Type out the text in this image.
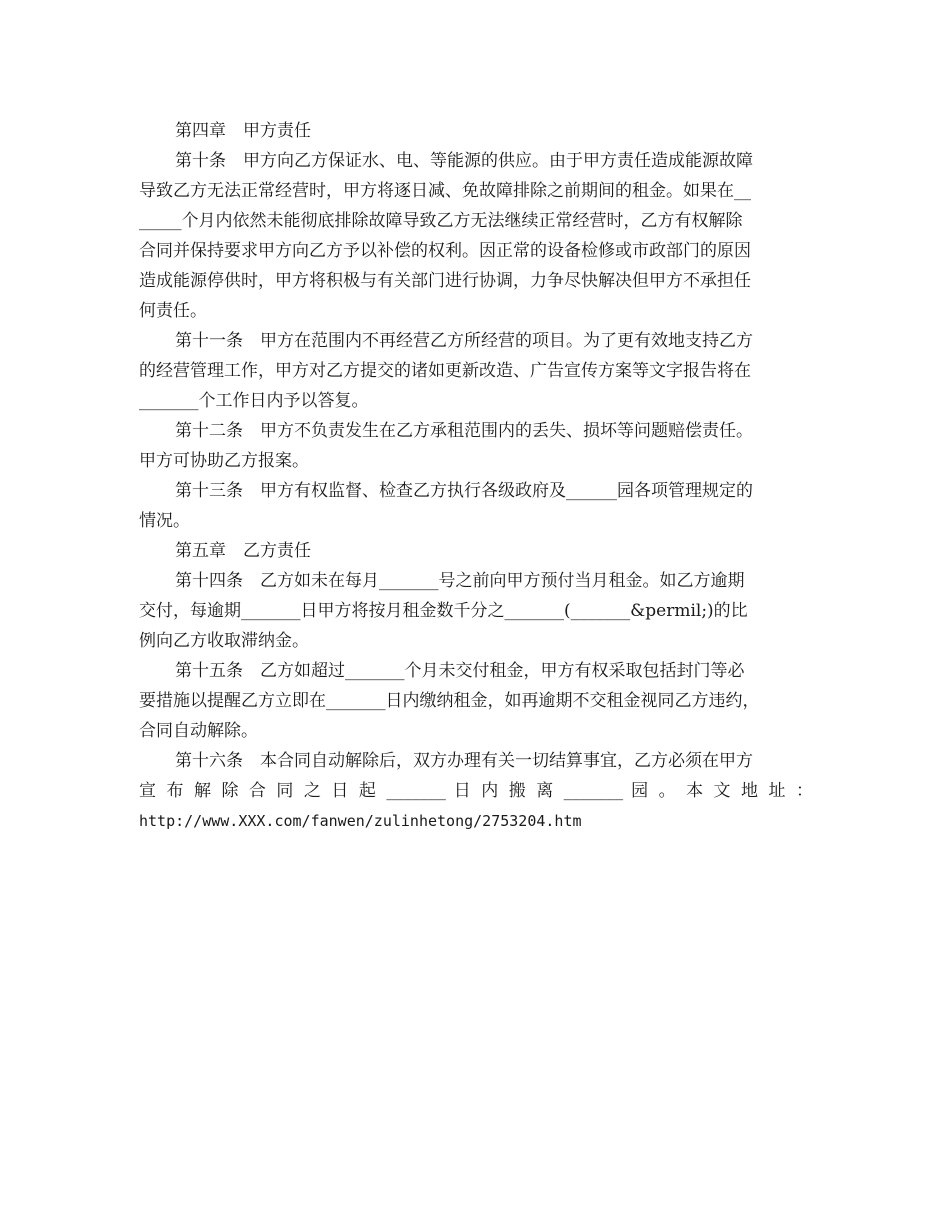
第四章　甲方责任
第十条　甲方向乙方保证水、电、等能源的供应。由于甲方责任造成能源故障
导致乙方无法正常经营时，甲方将逐日减、免故障排除之前期间的租金。如果在__
_____个月内依然未能彻底排除故障导致乙方无法继续正常经营时，乙方有权解除
合同并保持要求甲方向乙方予以补偿的权利。因正常的设备检修或市政部门的原因
造成能源停供时，甲方将积极与有关部门进行协调，力争尽快解决但甲方不承担任
何责任。
第十一条　甲方在范围内不再经营乙方所经营的项目。为了更有效地支持乙方
的经营管理工作，甲方对乙方提交的诸如更新改造、广告宣传方案等文字报告将在
_______个工作日内予以答复。
第十二条　甲方不负责发生在乙方承租范围内的丢失、损坏等问题赔偿责任。
甲方可协助乙方报案。
第十三条　甲方有权监督、检查乙方执行各级政府及______园各项管理规定的
情况。
第五章　乙方责任
第十四条　乙方如未在每月_______号之前向甲方预付当月租金。如乙方逾期
交付，每逾期_______日甲方将按月租金数千分之_______(_______&permil;)的比
例向乙方收取滞纳金。
第十五条　乙方如超过_______个月未交付租金，甲方有权采取包括封门等必
要措施以提醒乙方立即在_______日内缴纳租金，如再逾期不交租金视同乙方违约，
合同自动解除。
第十六条　本合同自动解除后，双方办理有关一切结算事宜，乙方必须在甲方
宣 布 解 除 合 同 之 日 起 _______ 日 内 搬 离 _______ 园 。 本 文 地 址 ：
http://www.XXX.com/fanwen/zulinhetong/2753204.htm
